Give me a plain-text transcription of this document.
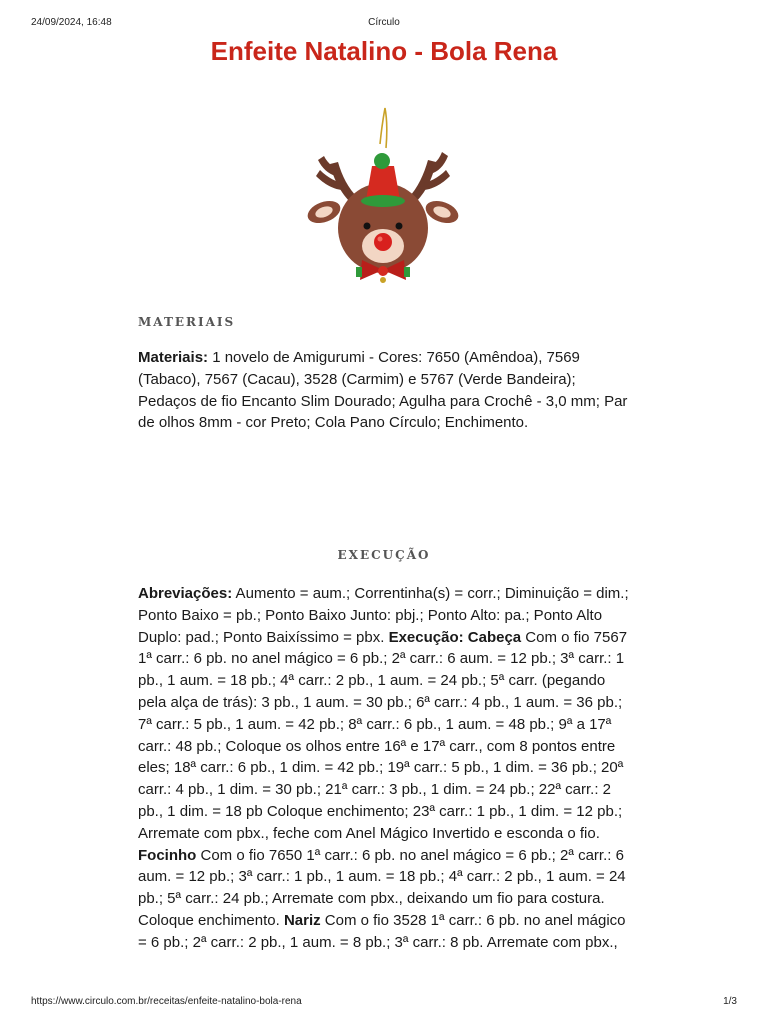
24/09/2024, 16:48	Círculo
Enfeite Natalino - Bola Rena
MATERIAIS

Materiais: 1 novelo de Amigurumi - Cores: 7650 (Amêndoa), 7569 (Tabaco), 7567 (Cacau), 3528 (Carmim) e 5767 (Verde Bandeira); Pedaços de fio Encanto Slim Dourado; Agulha para Crochê - 3,0 mm; Par de olhos 8mm - cor Preto; Cola Pano Círculo; Enchimento.

EXECUÇÃO

Abreviações: Aumento = aum.; Correntinha(s) = corr.; Diminuição = dim.; Ponto Baixo = pb.; Ponto Baixo Junto: pbj.; Ponto Alto: pa.; Ponto Alto Duplo: pad.; Ponto Baixíssimo = pbx. Execução: Cabeça Com o fio 7567 1ª carr.: 6 pb. no anel mágico = 6 pb.; 2ª carr.: 6 aum. = 12 pb.; 3ª carr.: 1 pb., 1 aum. = 18 pb.; 4ª carr.: 2 pb., 1 aum. = 24 pb.; 5ª carr. (pegando pela alça de trás): 3 pb., 1 aum. = 30 pb.; 6ª carr.: 4 pb., 1 aum. = 36 pb.; 7ª carr.: 5 pb., 1 aum. = 42 pb.; 8ª carr.: 6 pb., 1 aum. = 48 pb.; 9ª a 17ª carr.: 48 pb.; Coloque os olhos entre 16ª e 17ª carr., com 8 pontos entre eles; 18ª carr.: 6 pb., 1 dim. = 42 pb.; 19ª carr.: 5 pb., 1 dim. = 36 pb.; 20ª carr.: 4 pb., 1 dim. = 30 pb.; 21ª carr.: 3 pb., 1 dim. = 24 pb.; 22ª carr.: 2 pb., 1 dim. = 18 pb Coloque enchimento; 23ª carr.: 1 pb., 1 dim. = 12 pb.; Arremate com pbx., feche com Anel Mágico Invertido e esconda o fio. Focinho Com o fio 7650 1ª carr.: 6 pb. no anel mágico = 6 pb.; 2ª carr.: 6 aum. = 12 pb.; 3ª carr.: 1 pb., 1 aum. = 18 pb.; 4ª carr.: 2 pb., 1 aum. = 24 pb.; 5ª carr.: 24 pb.; Arremate com pbx., deixando um fio para costura. Coloque enchimento. Nariz Com o fio 3528 1ª carr.: 6 pb. no anel mágico = 6 pb.; 2ª carr.: 2 pb., 1 aum. = 8 pb.; 3ª carr.: 8 pb. Arremate com pbx.,

https://www.circulo.com.br/receitas/enfeite-natalino-bola-rena	1/3
